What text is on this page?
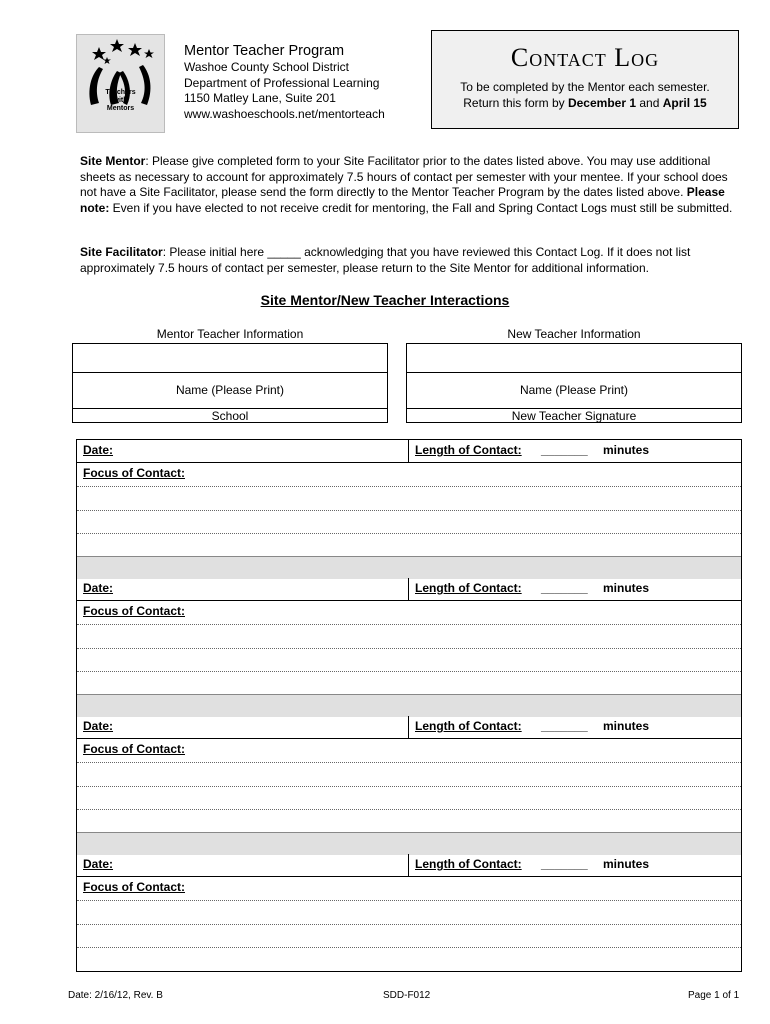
Teachers
with
Mentors
Mentor Teacher Program
Washoe County School District
Department of Professional Learning
1150 Matley Lane, Suite 201
www.washoeschools.net/mentorteach
Contact Log
To be completed by the Mentor each semester.
Return this form by December 1 and April 15
Site Mentor: Please give completed form to your Site Facilitator prior to the dates listed above. You may use additional sheets as necessary to account for approximately 7.5 hours of contact per semester with your mentee. If your school does not have a Site Facilitator, please send the form directly to the Mentor Teacher Program by the dates listed above. Please note: Even if you have elected to not receive credit for mentoring, the Fall and Spring Contact Logs must still be submitted.
Site Facilitator: Please initial here _____ acknowledging that you have reviewed this Contact Log. If it does not list approximately 7.5 hours of contact per semester, please return to the Site Mentor for additional information.
Site Mentor/New Teacher Interactions
Mentor Teacher Information
Name (Please Print)
School
New Teacher Information
Name (Please Print)
New Teacher Signature
Date:	Length of Contact: _______ minutes
Focus of Contact:
Date:	Length of Contact: _______ minutes
Focus of Contact:
Date:	Length of Contact: _______ minutes
Focus of Contact:
Date:	Length of Contact: _______ minutes
Focus of Contact:
Date: 2/16/12, Rev. B	SDD-F012	Page 1 of 1
